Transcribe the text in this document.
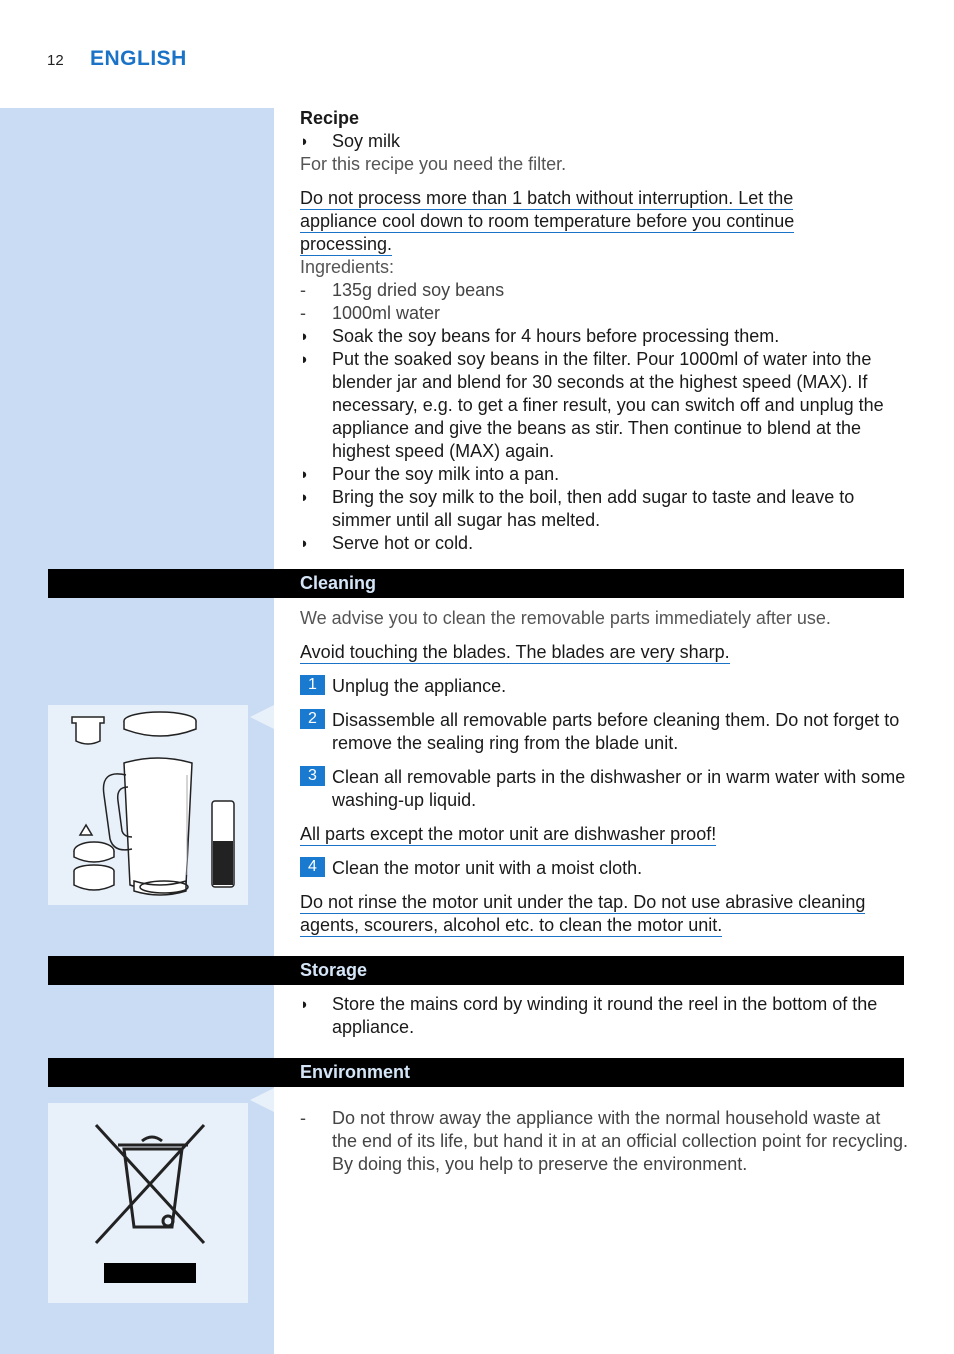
12 ENGLISH
Recipe
◗ Soy milk
For this recipe you need the filter.
Do not process more than 1 batch without interruption. Let the
appliance cool down to room temperature before you continue
processing.
Ingredients:
- 135g dried soy beans
- 1000ml water
◗ Soak the soy beans for 4 hours before processing them.
◗ Put the soaked soy beans in the filter. Pour 1000ml of water into the blender jar and blend for 30 seconds at the highest speed (MAX). If necessary, e.g. to get a finer result, you can switch off and unplug the appliance and give the beans as stir. Then continue to blend at the highest speed (MAX) again.
◗ Pour the soy milk into a pan.
◗ Bring the soy milk to the boil, then add sugar to taste and leave to simmer until all sugar has melted.
◗ Serve hot or cold.
Cleaning
We advise you to clean the removable parts immediately after use.
Avoid touching the blades. The blades are very sharp.
1 Unplug the appliance.
2 Disassemble all removable parts before cleaning them. Do not forget to remove the sealing ring from the blade unit.
3 Clean all removable parts in the dishwasher or in warm water with some washing-up liquid.
All parts except the motor unit are dishwasher proof!
4 Clean the motor unit with a moist cloth.
Do not rinse the motor unit under the tap. Do not use abrasive cleaning
agents, scourers, alcohol etc. to clean the motor unit.
Storage
◗ Store the mains cord by winding it round the reel in the bottom of the appliance.
Environment
- Do not throw away the appliance with the normal household waste at the end of its life, but hand it in at an official collection point for recycling. By doing this, you help to preserve the environment.
